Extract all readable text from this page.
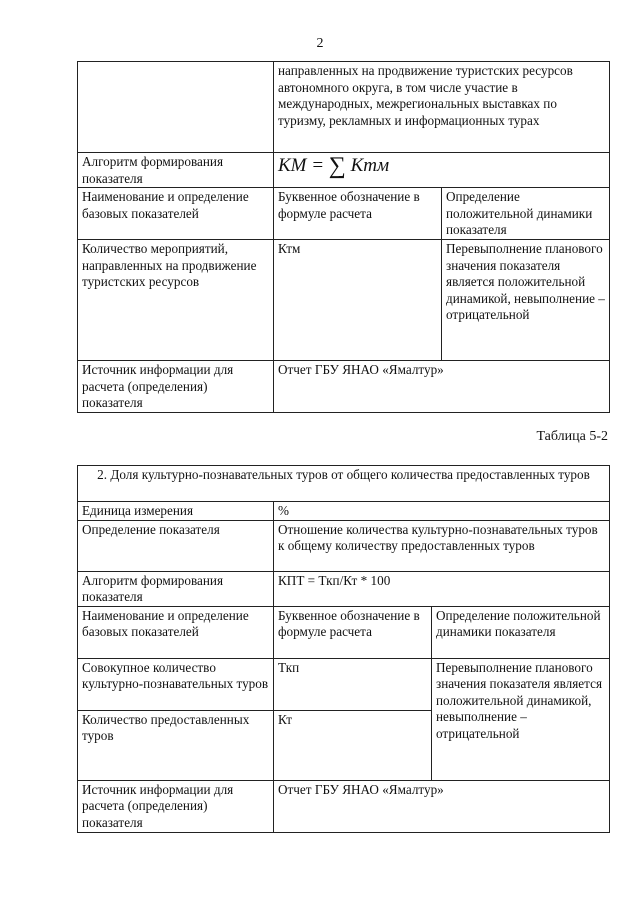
2
	направленных на продвижение туристских ресурсов автономного округа, в том числе участие в международных, межрегиональных выставках по туризму, рекламных и информационных турах	
Алгоритм формирования показателя	КМ = ∑ Ктм	
Наименование и определение базовых показателей	Буквенное обозначение в формуле расчета	Определение положительной динамики показателя
Количество мероприятий, направленных на продвижение туристских ресурсов	Ктм	Перевыполнение планового значения показателя является положительной динамикой, невыполнение – отрицательной
Источник информации для расчета (определения) показателя	Отчет ГБУ ЯНАО «Ямалтур»	
Таблица 5-2
2. Доля культурно-познавательных туров от общего количества предоставленных туров		
Единица измерения	%	
Определение показателя	Отношение количества культурно-познавательных туров к общему количеству предоставленных туров	
Алгоритм формирования показателя	КПТ = Ткп/Кт * 100	
Наименование и определение базовых показателей	Буквенное обозначение в формуле расчета	Определение положительной динамики показателя
Совокупное количество культурно-познавательных туров	Ткп	Перевыполнение планового значения показателя является положительной динамикой, невыполнение – отрицательной
Количество предоставленных туров	Кт	
Источник информации для расчета (определения) показателя	Отчет ГБУ ЯНАО «Ямалтур»	
